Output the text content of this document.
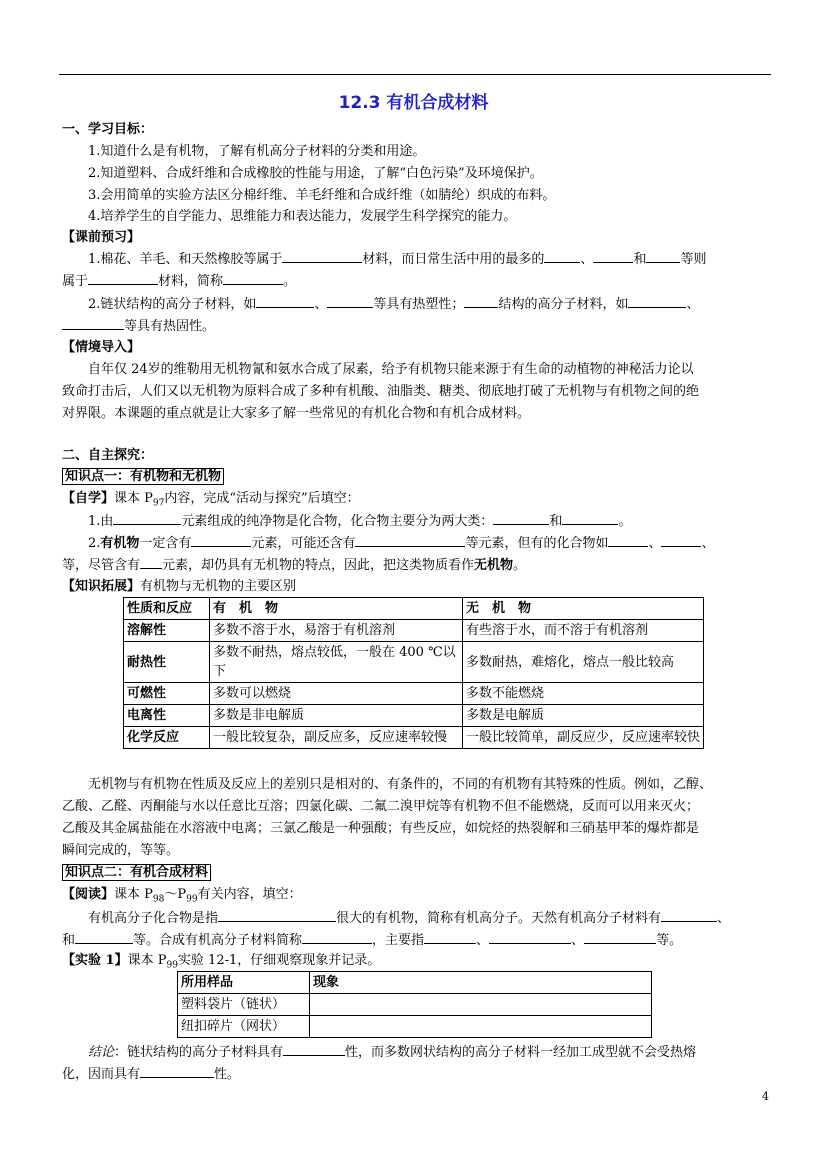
12.3 有机合成材料
一、学习目标：
1.知道什么是有机物，了解有机高分子材料的分类和用途。
2.知道塑料、合成纤维和合成橡胶的性能与用途，了解“白色污染”及环境保护。
3.会用简单的实验方法区分棉纤维、羊毛纤维和合成纤维（如腈纶）织成的布料。
4.培养学生的自学能力、思维能力和表达能力，发展学生科学探究的能力。
【课前预习】
1.棉花、羊毛、和天然橡胶等属于	材料，而日常生活中用的最多的	、	和	等则
属于	材料，简称	。
2.链状结构的高分子材料，如	、	等具有热塑性；	结构的高分子材料，如	、
等具有热固性。
【情境导入】
自年仅 24岁的维勒用无机物氰和氨水合成了尿素，给予有机物只能来源于有生命的动植物的神秘活力论以
致命打击后，人们又以无机物为原料合成了多种有机酸、油脂类、糖类、彻底地打破了无机物与有机物之间的绝
对界限。本课题的重点就是让大家多了解一些常见的有机化合物和有机合成材料。
二、自主探究：
知识点一：有机物和无机物
【自学】课本 $P_{97}$内容，完成“活动与探究”后填空：
1.由	元素组成的纯净物是化合物，化合物主要分为两大类：	和	。
2.有机物一定含有	元素，可能还含有	等元素，但有的化合物如	、	、
等，尽管含有 元素，却仍具有无机物的特点，因此，把这类物质看作无机物。
【知识拓展】有机物与无机物的主要区别
性质和反应	有　机　物	无　机　物
溶解性	多数不溶于水，易溶于有机溶剂	有些溶于水，而不溶于有机溶剂
耐热性	多数不耐热，熔点较低，一般在 400 ℃以下	多数耐热，难熔化，熔点一般比较高
可燃性	多数可以燃烧	多数不能燃烧
电离性	多数是非电解质	多数是电解质
化学反应	一般比较复杂，副反应多，反应速率较慢	一般比较简单，副反应少，反应速率较快
无机物与有机物在性质及反应上的差别只是相对的、有条件的，不同的有机物有其特殊的性质。例如，乙醇、
乙酸、乙醛、丙酮能与水以任意比互溶；四氯化碳、二氟二溴甲烷等有机物不但不能燃烧，反而可以用来灭火；
乙酸及其金属盐能在水溶液中电离；三氯乙酸是一种强酸；有些反应，如烷烃的热裂解和三硝基甲苯的爆炸都是
瞬间完成的，等等。
知识点二：有机合成材料
【阅读】课本 $P_{98}\sim P_{99}$有关内容，填空：
有机高分子化合物是指	很大的有机物，简称有机高分子。天然有机高分子材料有	、
和	等。合成有机高分子材料简称	，主要指	、	、	等。
【实验 1】课本 $P_{99}$实验 12-1，仔细观察现象并记录。
所用样品	现象
塑料袋片（链状）	
纽扣碎片（网状）	
结论：链状结构的高分子材料具有	性，而多数网状结构的高分子材料一经加工成型就不会受热熔
化，因而具有	性。
4
